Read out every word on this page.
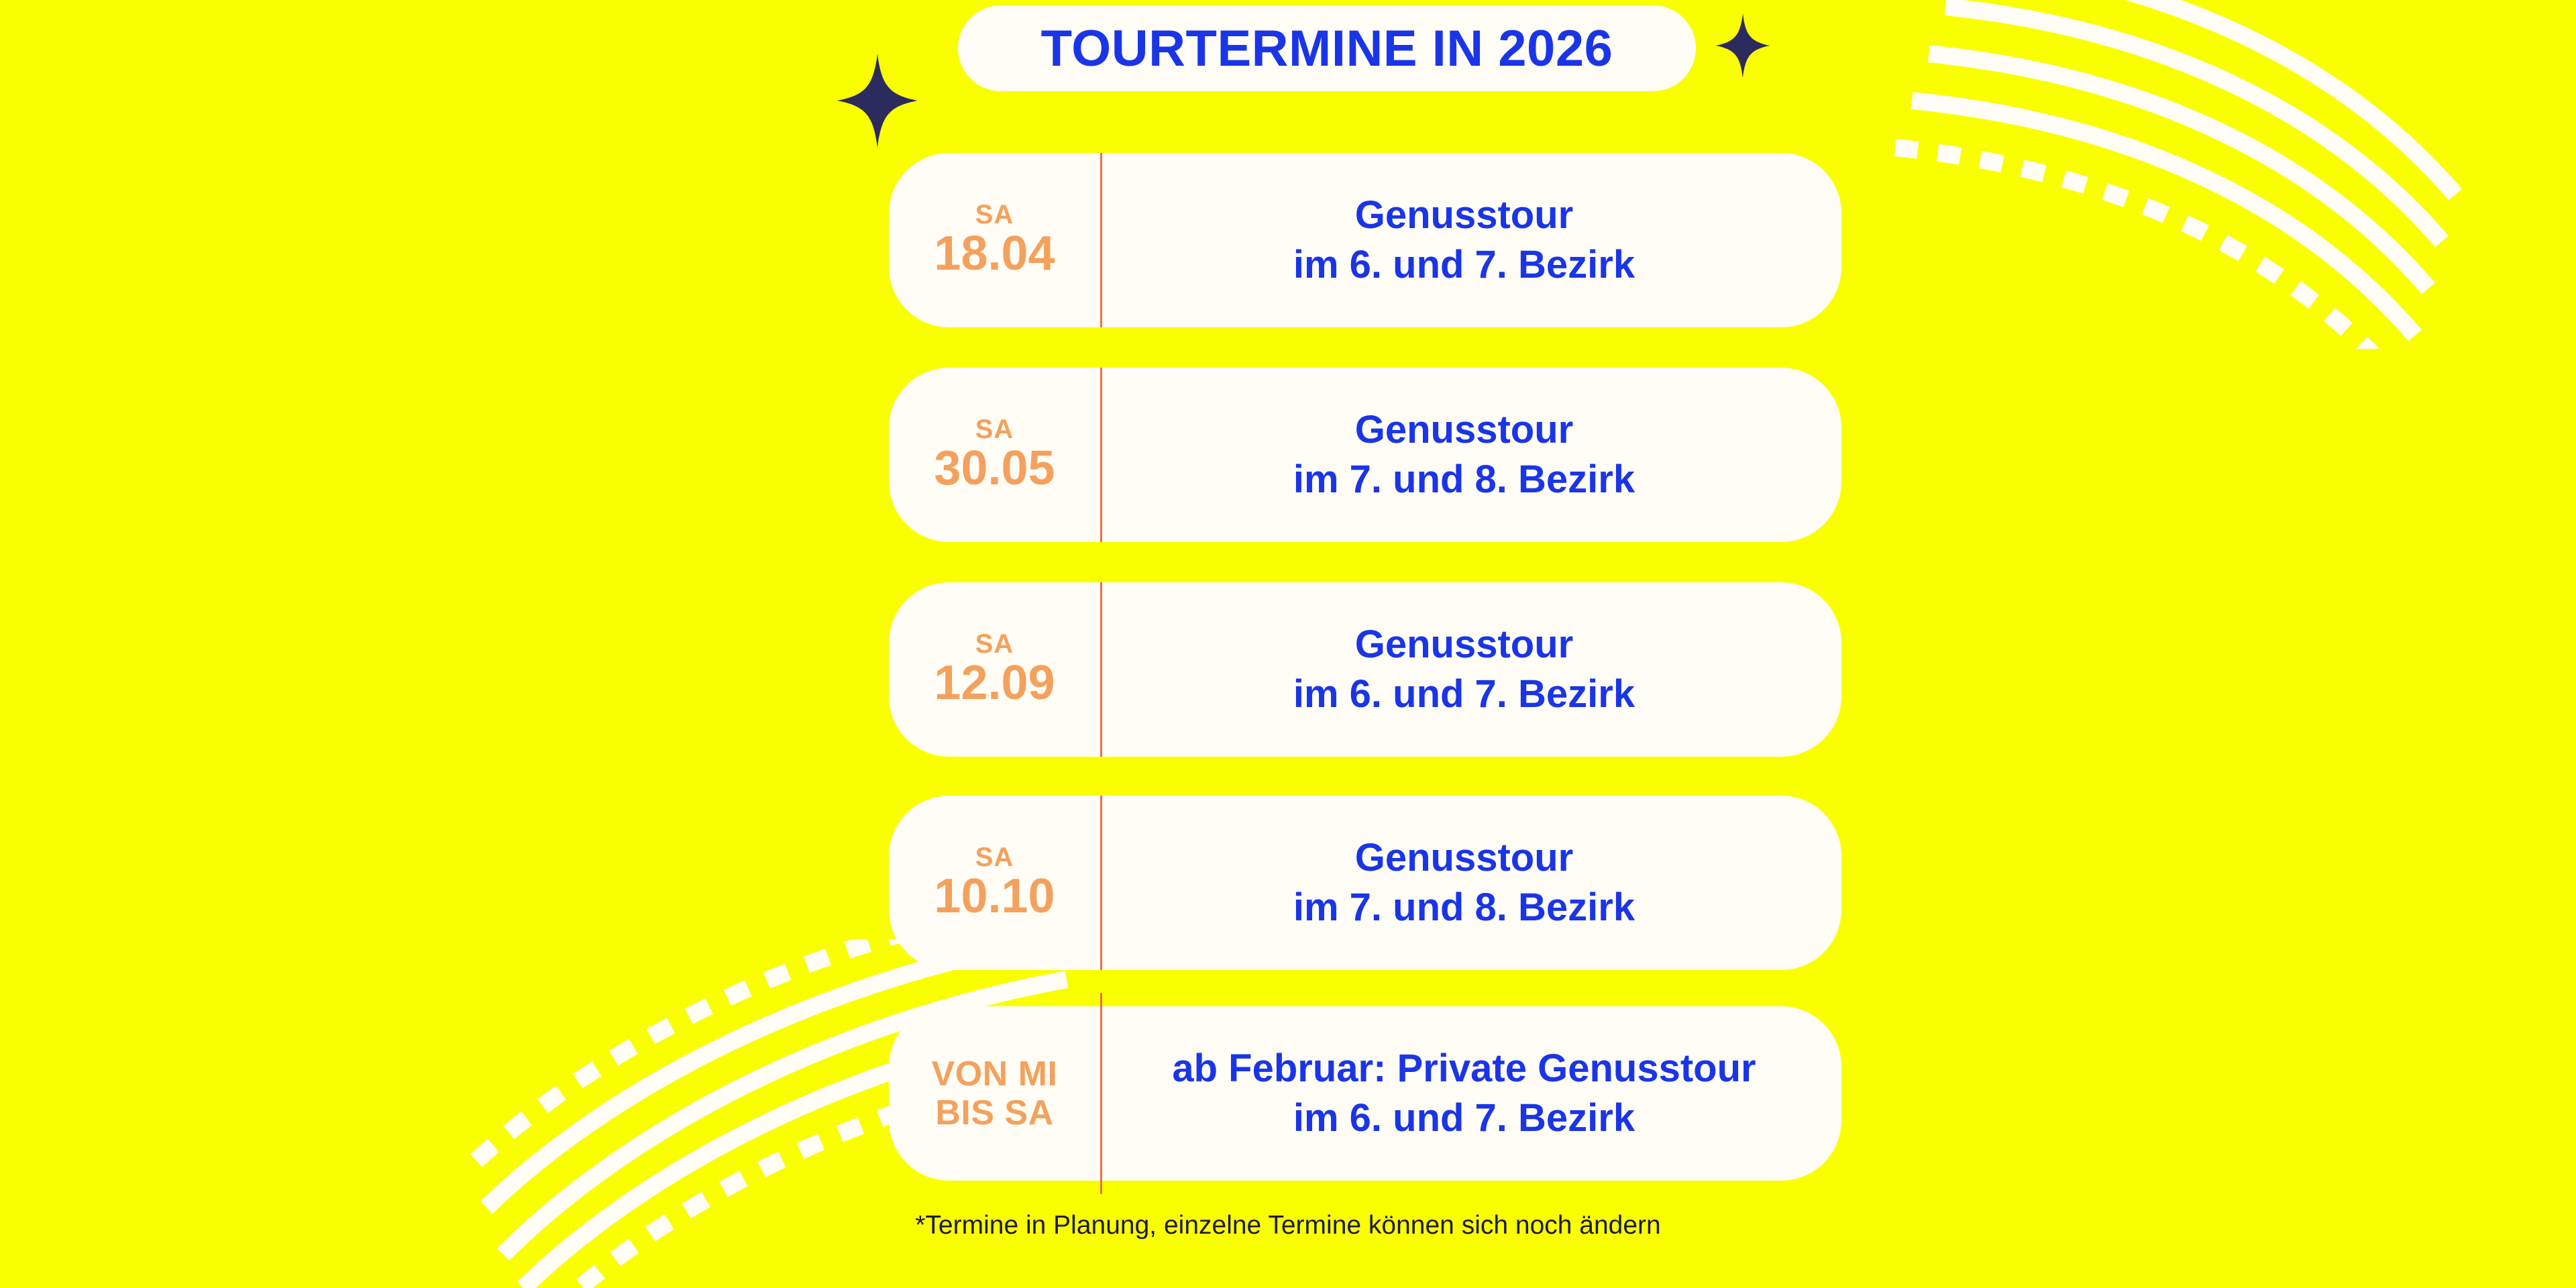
TOURTERMINE IN 2026
SA
18.04
Genusstour
im 6. und 7. Bezirk
SA
30.05
Genusstour
im 7. und 8. Bezirk
SA
12.09
Genusstour
im 6. und 7. Bezirk
SA
10.10
Genusstour
im 7. und 8. Bezirk
VON MI
BIS SA
ab Februar: Private Genusstour
im 6. und 7. Bezirk
*Termine in Planung, einzelne Termine können sich noch ändern
